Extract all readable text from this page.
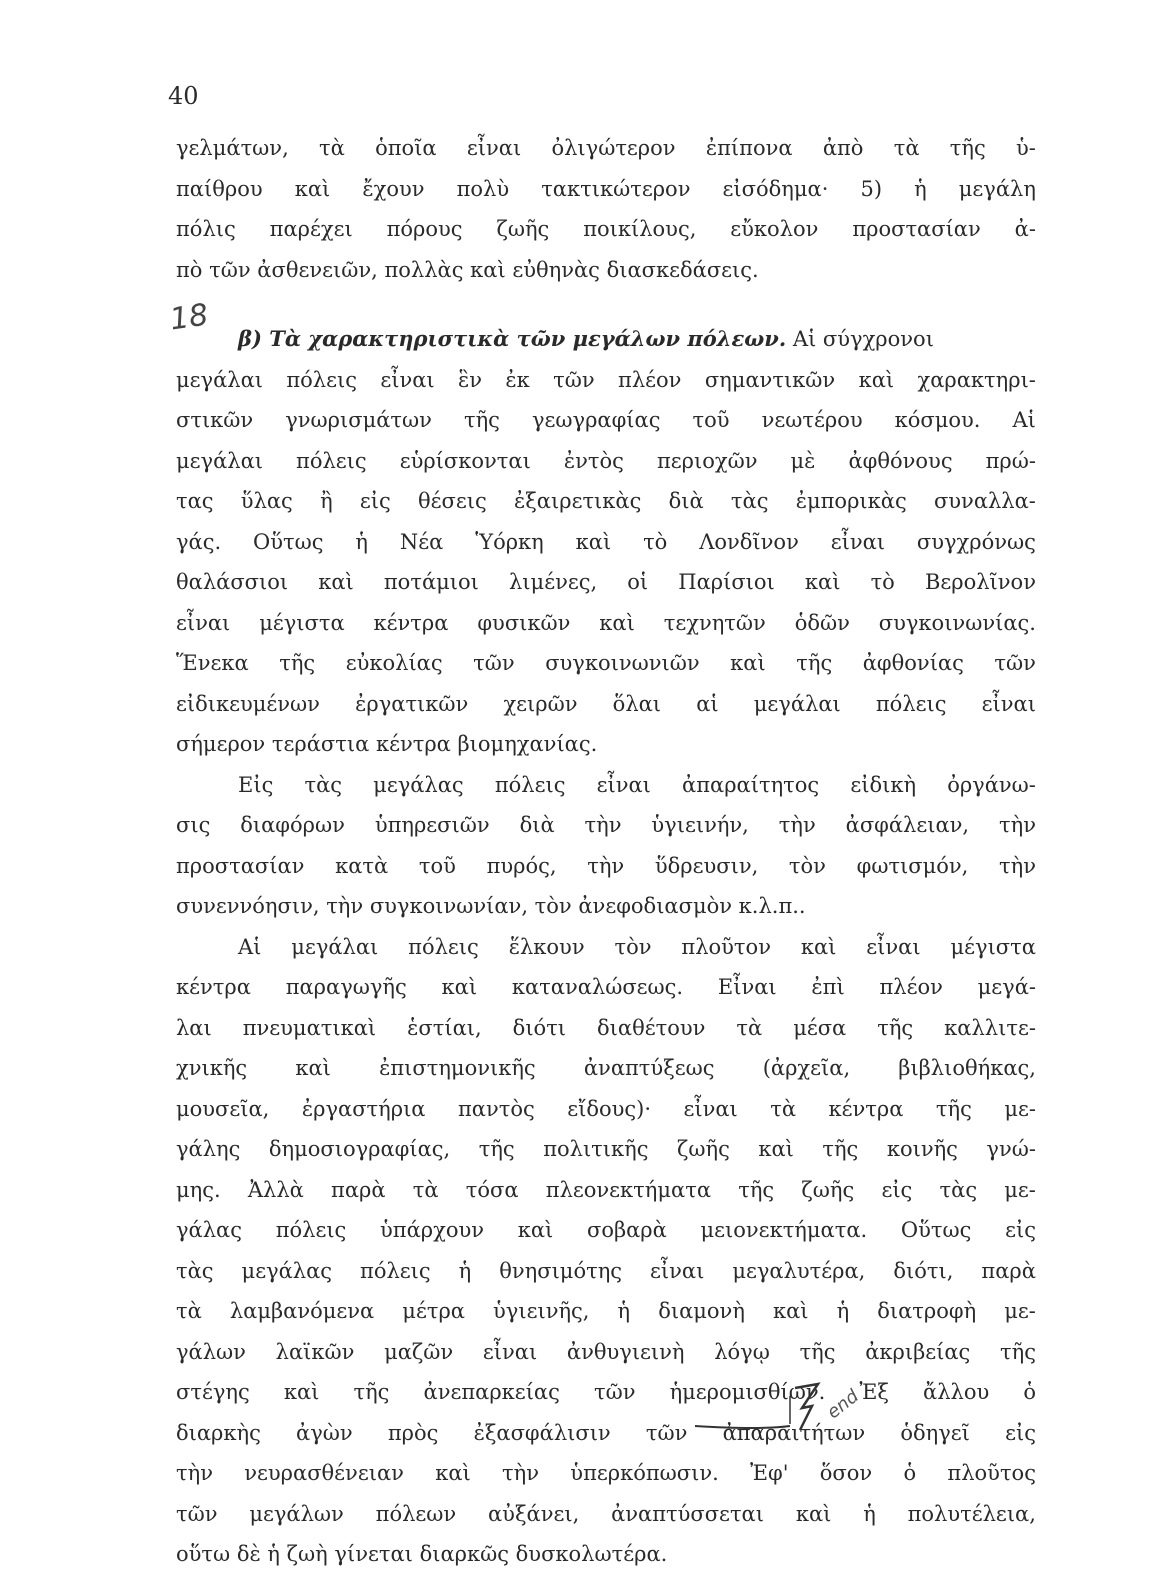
40
18
γελμάτων, τὰ ὁποῖα εἶναι ὀλιγώτερον ἐπίπονα ἀπὸ τὰ τῆς ὑ-
παίθρου καὶ ἔχουν πολὺ τακτικώτερον εἰσόδημα· 5) ἡ μεγάλη
πόλις παρέχει πόρους ζωῆς ποικίλους, εὔκολον προστασίαν ἀ-
πὸ τῶν ἀσθενειῶν, πολλὰς καὶ εὐθηνὰς διασκεδάσεις.
β) Τὰ χαρακτηριστικὰ τῶν μεγάλων πόλεων. Αἱ σύγχρονοι
μεγάλαι πόλεις εἶναι ἓν ἐκ τῶν πλέον σημαντικῶν καὶ χαρακτηρι-
στικῶν γνωρισμάτων τῆς γεωγραφίας τοῦ νεωτέρου κόσμου. Αἱ
μεγάλαι πόλεις εὑρίσκονται ἐντὸς περιοχῶν μὲ ἀφθόνους πρώ-
τας ὕλας ἢ εἰς θέσεις ἐξαιρετικὰς διὰ τὰς ἐμπορικὰς συναλλα-
γάς. Οὕτως ἡ Νέα Ὑόρκη καὶ τὸ Λονδῖνον εἶναι συγχρόνως
θαλάσσιοι καὶ ποτάμιοι λιμένες, οἱ Παρίσιοι καὶ τὸ Βερολῖνον
εἶναι μέγιστα κέντρα φυσικῶν καὶ τεχνητῶν ὁδῶν συγκοινωνίας.
Ἕνεκα τῆς εὐκολίας τῶν συγκοινωνιῶν καὶ τῆς ἀφθονίας τῶν
εἰδικευμένων ἐργατικῶν χειρῶν ὅλαι αἱ μεγάλαι πόλεις εἶναι
σήμερον τεράστια κέντρα βιομηχανίας.
Εἰς τὰς μεγάλας πόλεις εἶναι ἀπαραίτητος εἰδικὴ ὀργάνω-
σις διαφόρων ὑπηρεσιῶν διὰ τὴν ὑγιεινήν, τὴν ἀσφάλειαν, τὴν
προστασίαν κατὰ τοῦ πυρός, τὴν ὕδρευσιν, τὸν φωτισμόν, τὴν
συνεννόησιν, τὴν συγκοινωνίαν, τὸν ἀνεφοδιασμὸν κ.λ.π..
Αἱ μεγάλαι πόλεις ἕλκουν τὸν πλοῦτον καὶ εἶναι μέγιστα
κέντρα παραγωγῆς καὶ καταναλώσεως. Εἶναι ἐπὶ πλέον μεγά-
λαι πνευματικαὶ ἑστίαι, διότι διαθέτουν τὰ μέσα τῆς καλλιτε-
χνικῆς καὶ ἐπιστημονικῆς ἀναπτύξεως (ἀρχεῖα, βιβλιοθήκας,
μουσεῖα, ἐργαστήρια παντὸς εἴδους)· εἶναι τὰ κέντρα τῆς με-
γάλης δημοσιογραφίας, τῆς πολιτικῆς ζωῆς καὶ τῆς κοινῆς γνώ-
μης. Ἀλλὰ παρὰ τὰ τόσα πλεονεκτήματα τῆς ζωῆς εἰς τὰς με-
γάλας πόλεις ὑπάρχουν καὶ σοβαρὰ μειονεκτήματα. Οὕτως εἰς
τὰς μεγάλας πόλεις ἡ θνησιμότης εἶναι μεγαλυτέρα, διότι, παρὰ
τὰ λαμβανόμενα μέτρα ὑγιεινῆς, ἡ διαμονὴ καὶ ἡ διατροφὴ με-
γάλων λαϊκῶν μαζῶν εἶναι ἀνθυγιεινὴ λόγῳ τῆς ἀκριβείας τῆς
στέγης καὶ τῆς ἀνεπαρκείας τῶν ἡμερομισθίων. Ἐξ ἄλλου ὁ
διαρκὴς ἀγὼν πρὸς ἐξασφάλισιν τῶν ἀπαραιτήτων ὁδηγεῖ εἰς
τὴν νευρασθένειαν καὶ τὴν ὑπερκόπωσιν. Ἐφ' ὅσον ὁ πλοῦτος
τῶν μεγάλων πόλεων αὐξάνει, ἀναπτύσσεται καὶ ἡ πολυτέλεια,
οὕτω δὲ ἡ ζωὴ γίνεται διαρκῶς δυσκολωτέρα.
end
